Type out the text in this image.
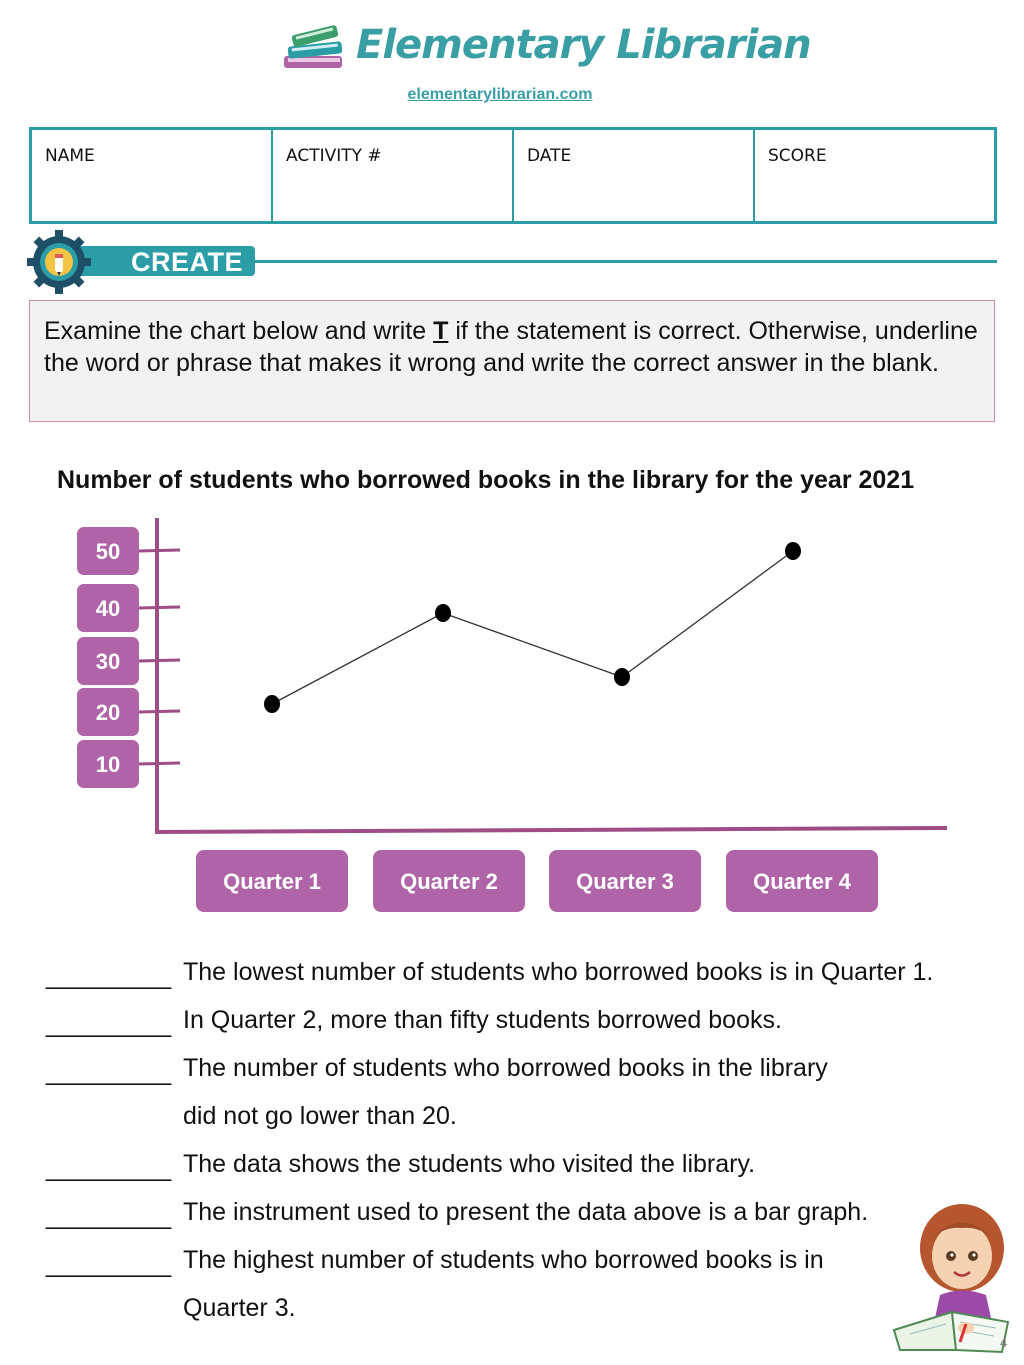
Elementary Librarian
elementarylibrarian.com
NAME	ACTIVITY #	DATE	SCORE
CREATE
Examine the chart below and write T if the statement is correct. Otherwise, underline the word or phrase that makes it wrong and write the correct answer in the blank.
Number of students who borrowed books in the library for the year 2021
50
40
30
20
10
Quarter 1	Quarter 2	Quarter 3	Quarter 4
_________ The lowest number of students who borrowed books is in Quarter 1.
_________ In Quarter 2, more than fifty students borrowed books.
_________ The number of students who borrowed books in the library
did not go lower than 20.
_________ The data shows the students who visited the library.
_________ The instrument used to present the data above is a bar graph.
_________ The highest number of students who borrowed books is in
Quarter 3.
4
